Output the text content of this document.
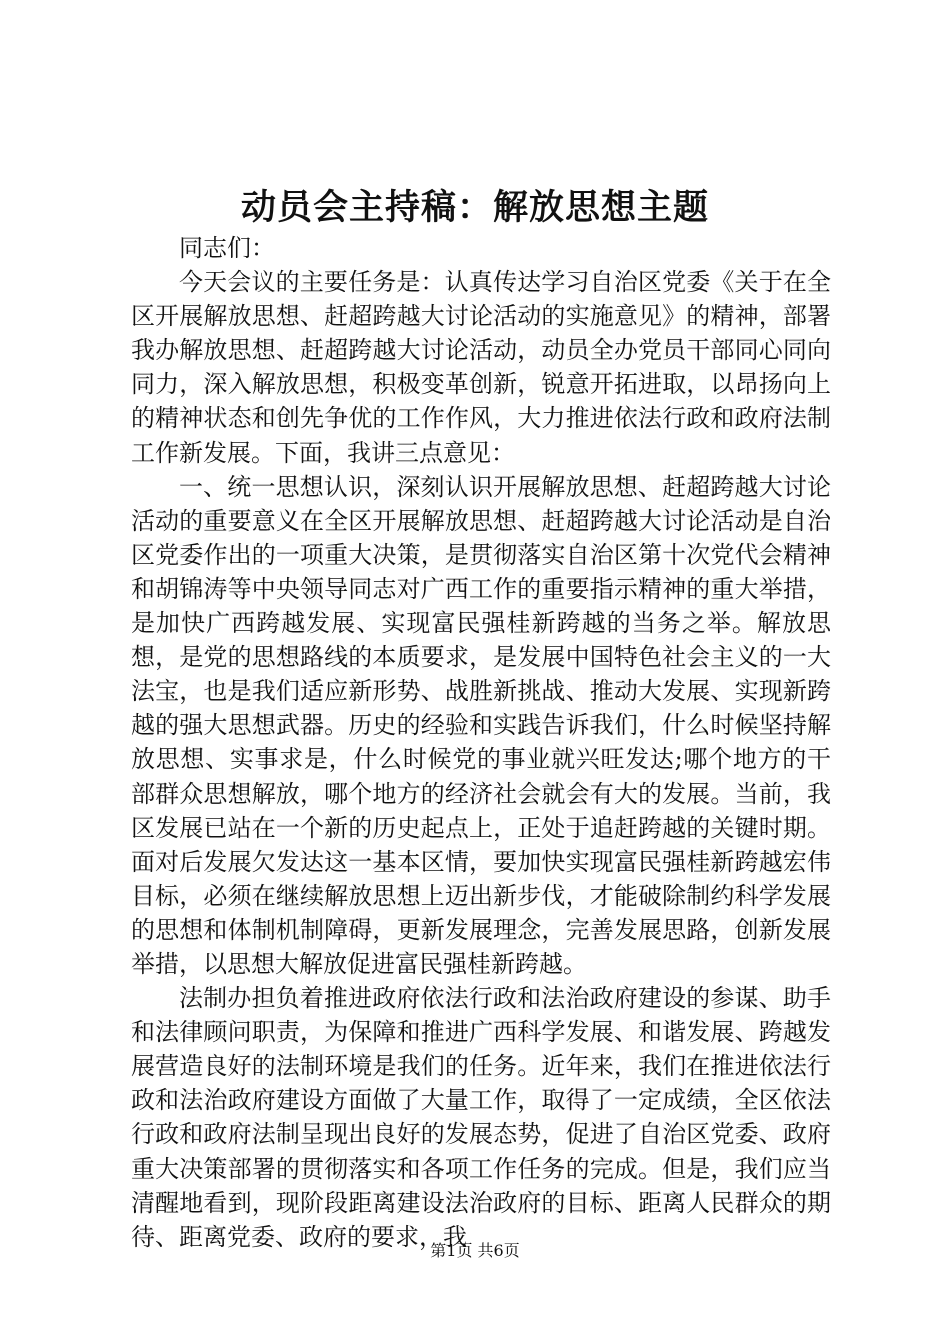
动员会主持稿：解放思想主题

同志们：

今天会议的主要任务是：认真传达学习自治区党委《关于在全区开展解放思想、赶超跨越大讨论活动的实施意见》的精神，部署我办解放思想、赶超跨越大讨论活动，动员全办党员干部同心同向同力，深入解放思想，积极变革创新，锐意开拓进取，以昂扬向上的精神状态和创先争优的工作作风，大力推进依法行政和政府法制工作新发展。下面，我讲三点意见：

一、统一思想认识，深刻认识开展解放思想、赶超跨越大讨论活动的重要意义在全区开展解放思想、赶超跨越大讨论活动是自治区党委作出的一项重大决策，是贯彻落实自治区第十次党代会精神和胡锦涛等中央领导同志对广西工作的重要指示精神的重大举措，是加快广西跨越发展、实现富民强桂新跨越的当务之举。解放思想，是党的思想路线的本质要求，是发展中国特色社会主义的一大法宝，也是我们适应新形势、战胜新挑战、推动大发展、实现新跨越的强大思想武器。历史的经验和实践告诉我们，什么时候坚持解放思想、实事求是，什么时候党的事业就兴旺发达;哪个地方的干部群众思想解放，哪个地方的经济社会就会有大的发展。当前，我区发展已站在一个新的历史起点上，正处于追赶跨越的关键时期。面对后发展欠发达这一基本区情，要加快实现富民强桂新跨越宏伟目标，必须在继续解放思想上迈出新步伐，才能破除制约科学发展的思想和体制机制障碍，更新发展理念，完善发展思路，创新发展举措，以思想大解放促进富民强桂新跨越。

法制办担负着推进政府依法行政和法治政府建设的参谋、助手和法律顾问职责，为保障和推进广西科学发展、和谐发展、跨越发展营造良好的法制环境是我们的任务。近年来，我们在推进依法行政和法治政府建设方面做了大量工作，取得了一定成绩，全区依法行政和政府法制呈现出良好的发展态势，促进了自治区党委、政府重大决策部署的贯彻落实和各项工作任务的完成。但是，我们应当清醒地看到，现阶段距离建设法治政府的目标、距离人民群众的期待、距离党委、政府的要求，我

第1页 共6页
